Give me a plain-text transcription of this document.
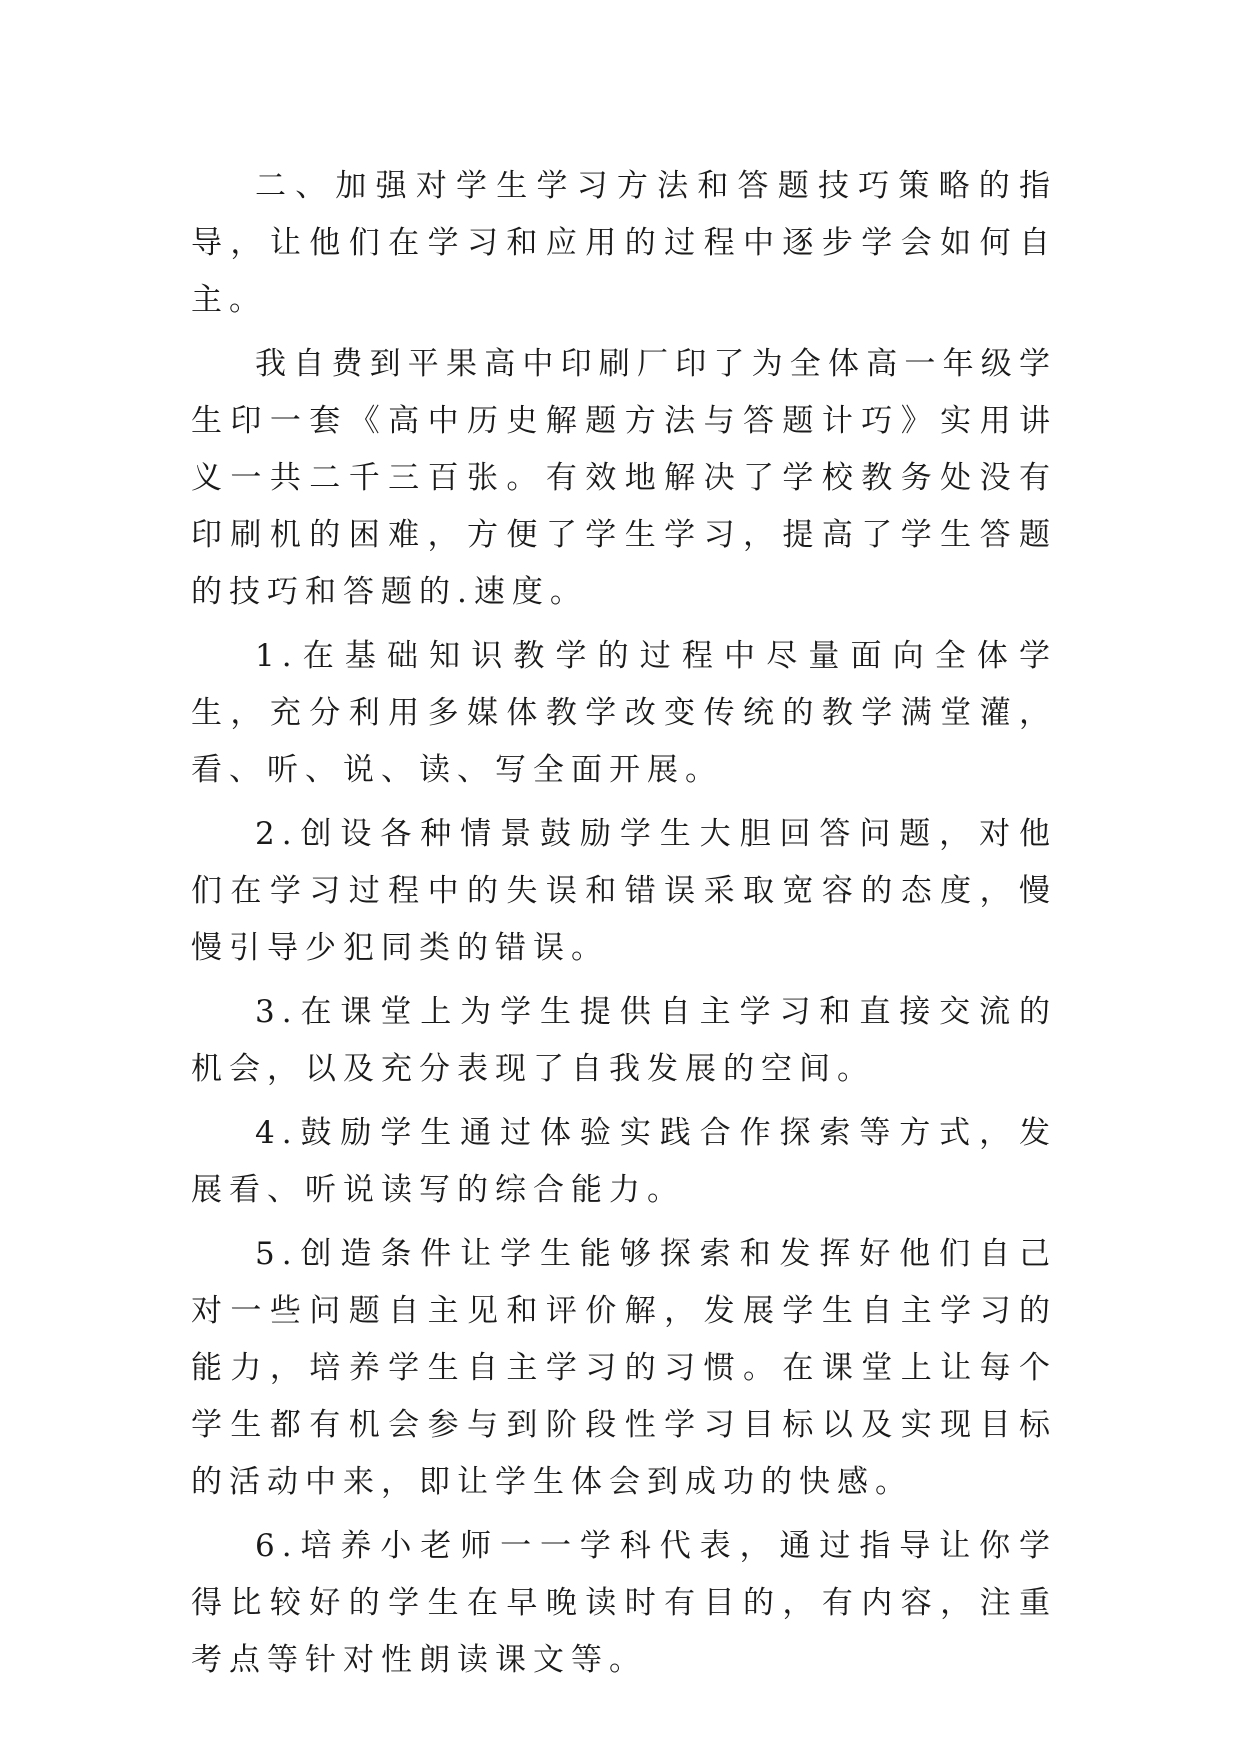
二、加强对学生学习方法和答题技巧策略的指导，让他们在学习和应用的过程中逐步学会如何自主。

我自费到平果高中印刷厂印了为全体高一年级学生印一套《高中历史解题方法与答题计巧》实用讲义一共二千三百张。有效地解决了学校教务处没有印刷机的困难，方便了学生学习，提高了学生答题的技巧和答题的.速度。

1.在基础知识教学的过程中尽量面向全体学生，充分利用多媒体教学改变传统的教学满堂灌，看、听、说、读、写全面开展。

2.创设各种情景鼓励学生大胆回答问题，对他们在学习过程中的失误和错误采取宽容的态度，慢慢引导少犯同类的错误。

3.在课堂上为学生提供自主学习和直接交流的机会，以及充分表现了自我发展的空间。

4.鼓励学生通过体验实践合作探索等方式，发展看、听说读写的综合能力。

5.创造条件让学生能够探索和发挥好他们自己对一些问题自主见和评价解，发展学生自主学习的能力，培养学生自主学习的习惯。在课堂上让每个学生都有机会参与到阶段性学习目标以及实现目标的活动中来，即让学生体会到成功的快感。

6.培养小老师一一学科代表，通过指导让你学得比较好的学生在早晚读时有目的，有内容，注重考点等针对性朗读课文等。
